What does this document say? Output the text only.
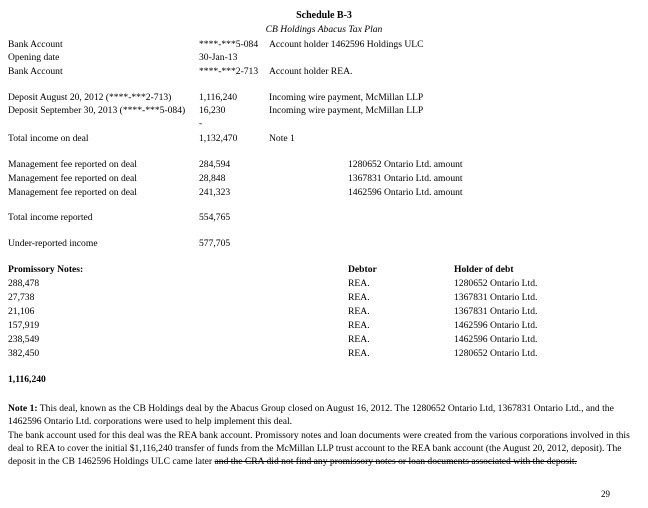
Schedule B-3
CB Holdings Abacus Tax Plan
Bank Account	****-***5-084 Account holder 1462596 Holdings ULC
Opening date	30-Jan-13
Bank Account	****-***2-713 Account holder REA.
Deposit August 20, 2012 (****-***2-713)	1,116,240	Incoming wire payment, McMillan LLP
Deposit September 30, 2013 (****-***5-084) 16,230	Incoming wire payment, McMillan LLP
-
Total income on deal	1,132,470	Note 1
Management fee reported on deal	284,594	1280652 Ontario Ltd. amount
Management fee reported on deal	28,848	1367831 Ontario Ltd. amount
Management fee reported on deal	241,323	1462596 Ontario Ltd. amount
Total income reported	554,765
Under-reported income	577,705
Promissory Notes:	Debtor	Holder of debt
288,478	REA.	1280652 Ontario Ltd.
27,738	REA.	1367831 Ontario Ltd.
21,106	REA.	1367831 Ontario Ltd.
157,919	REA.	1462596 Ontario Ltd.
238,549	REA.	1462596 Ontario Ltd.
382,450	REA.	1280652 Ontario Ltd.
1,116,240
Note 1: This deal, known as the CB Holdings deal by the Abacus Group closed on August 16, 2012. The 1280652 Ontario Ltd, 1367831 Ontario Ltd., and the 1462596 Ontario Ltd. corporations were used to help implement this deal.
The bank account used for this deal was the REA bank account. Promissory notes and loan documents were created from the various corporations involved in this deal to REA to cover the initial $1,116,240 transfer of funds from the McMillan LLP trust account to the REA bank account (the August 20, 2012, deposit). The deposit in the CB 1462596 Holdings ULC came later and the CRA did not find any promissory notes or loan documents associated with the deposit.
29
